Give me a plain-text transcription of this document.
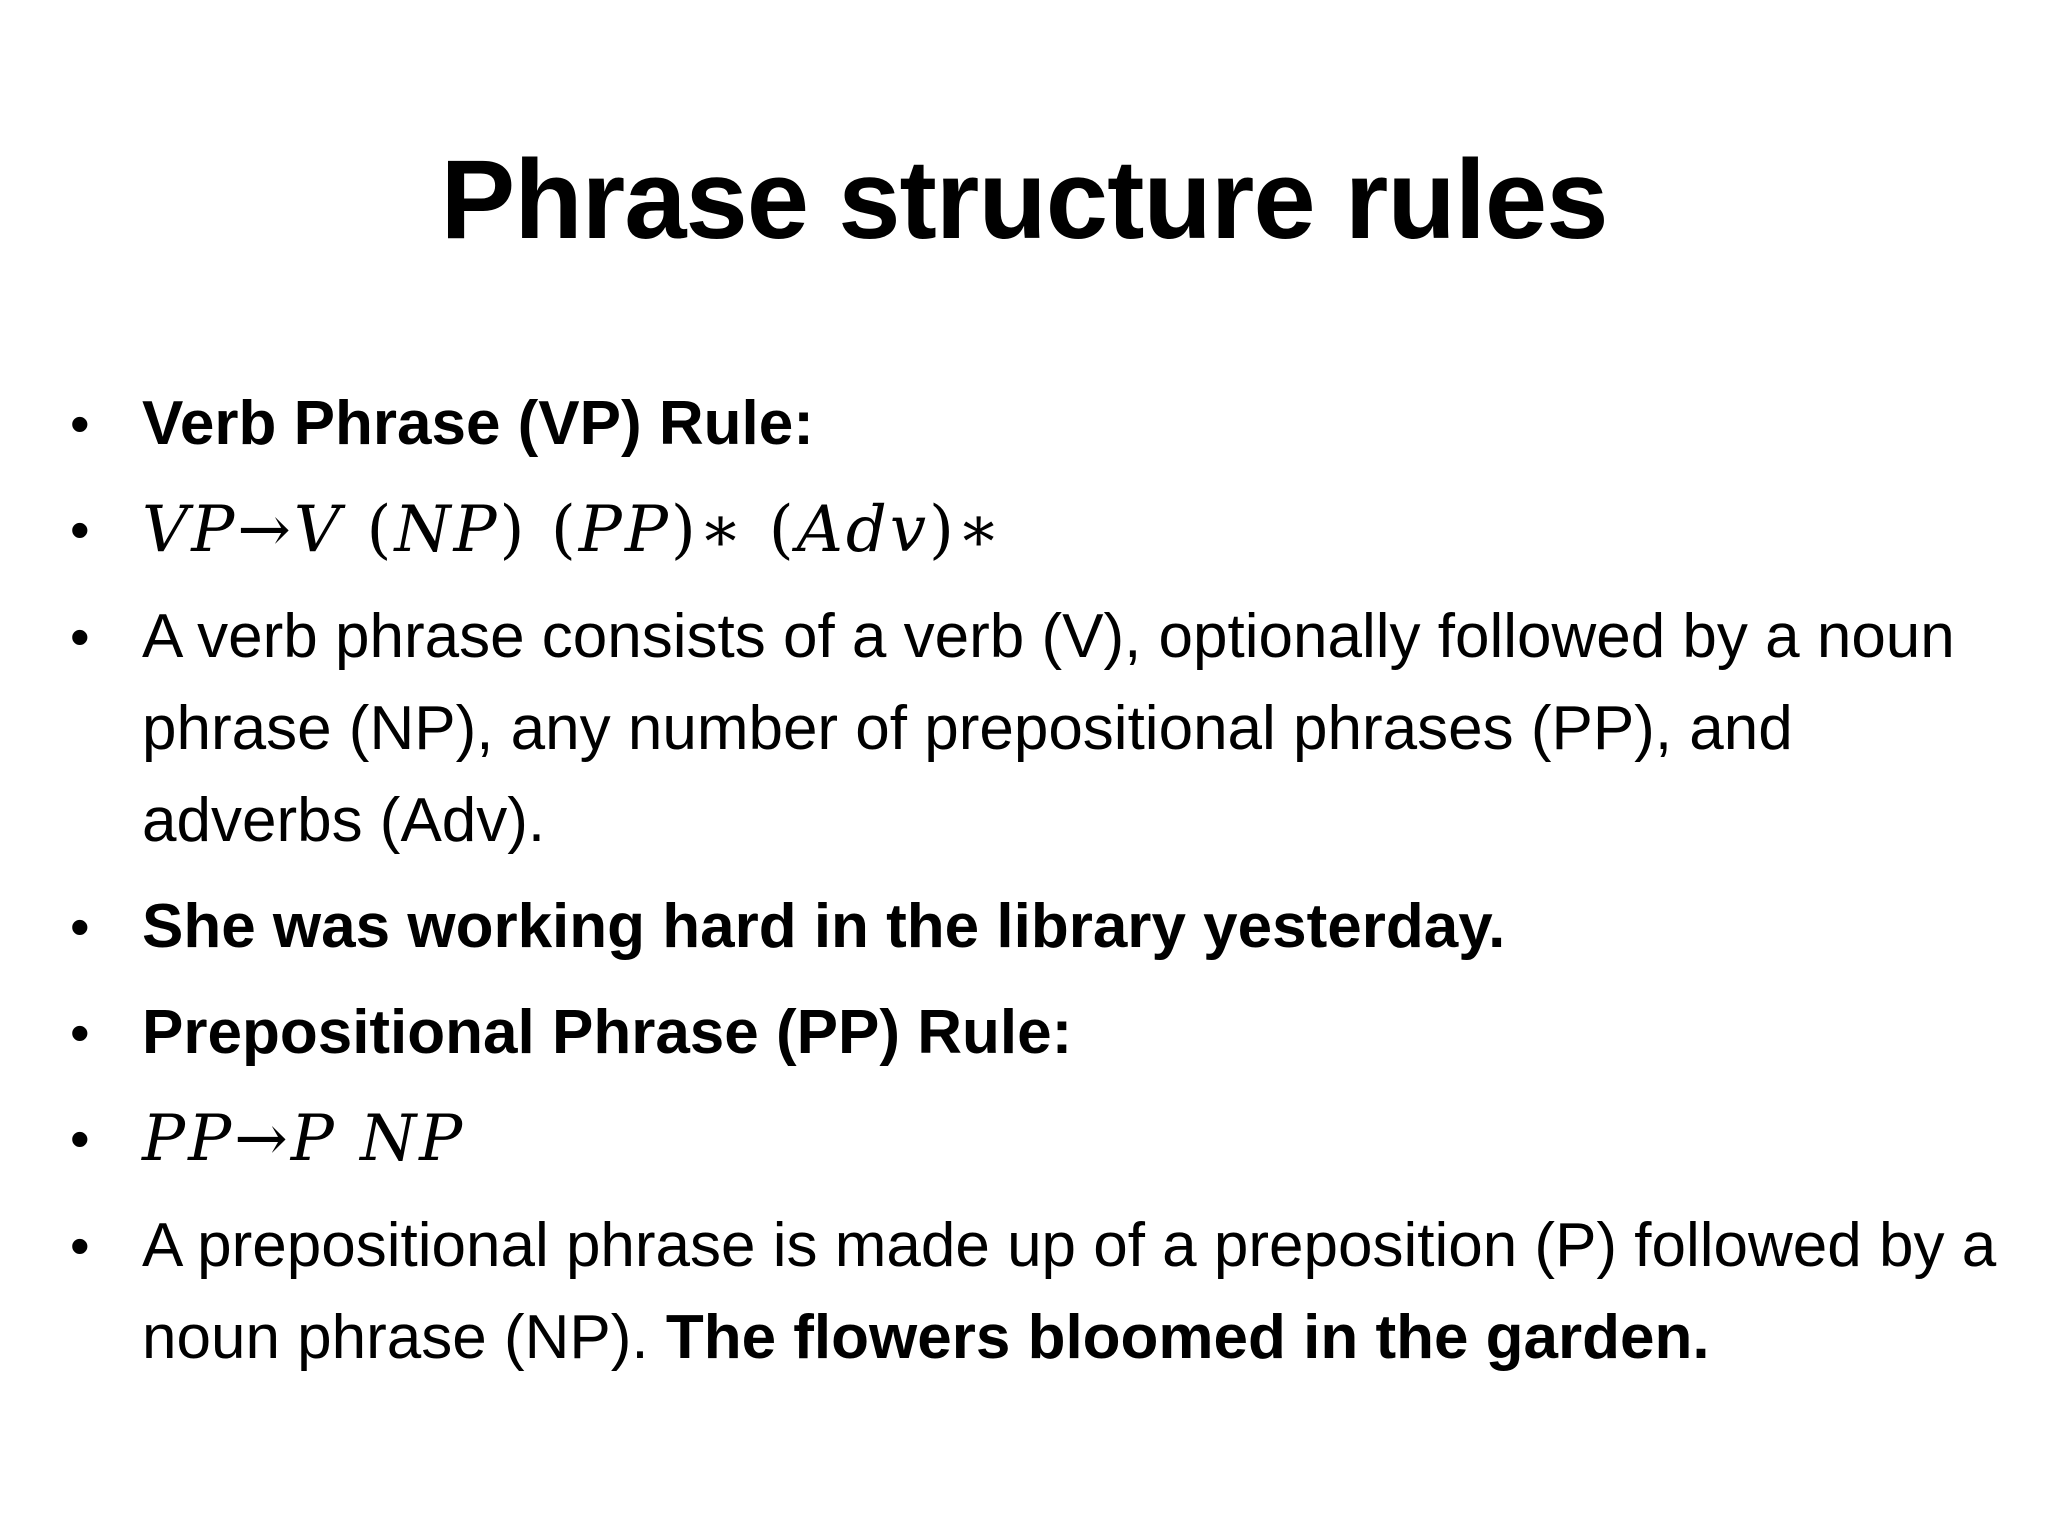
Phrase structure rules
• Verb Phrase (VP) Rule:
• VP→V (NP) (PP)∗ (Adv)∗
• A verb phrase consists of a verb (V), optionally followed by a noun phrase (NP), any number of prepositional phrases (PP), and adverbs (Adv).
• She was working hard in the library yesterday.
• Prepositional Phrase (PP) Rule:
• PP→P NP
• A prepositional phrase is made up of a preposition (P) followed by a noun phrase (NP). The flowers bloomed in the garden.
